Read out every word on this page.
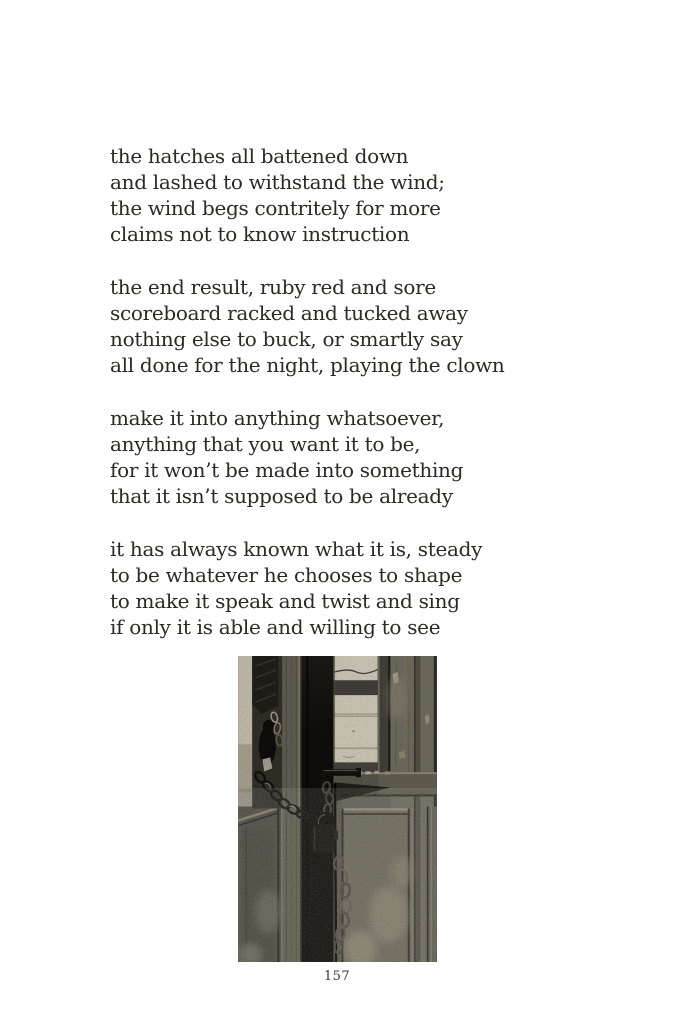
the hatches all battened down

and lashed to withstand the wind;

the wind begs contritely for more

claims not to know instruction

the end result, ruby red and sore

scoreboard racked and tucked away

nothing else to buck, or smartly say

all done for the night, playing the clown

make it into anything whatsoever,

anything that you want it to be,

for it won’t be made into something

that it isn’t supposed to be already

it has always known what it is, steady

to be whatever he chooses to shape

to make it speak and twist and sing

if only it is able and willing to see

157
